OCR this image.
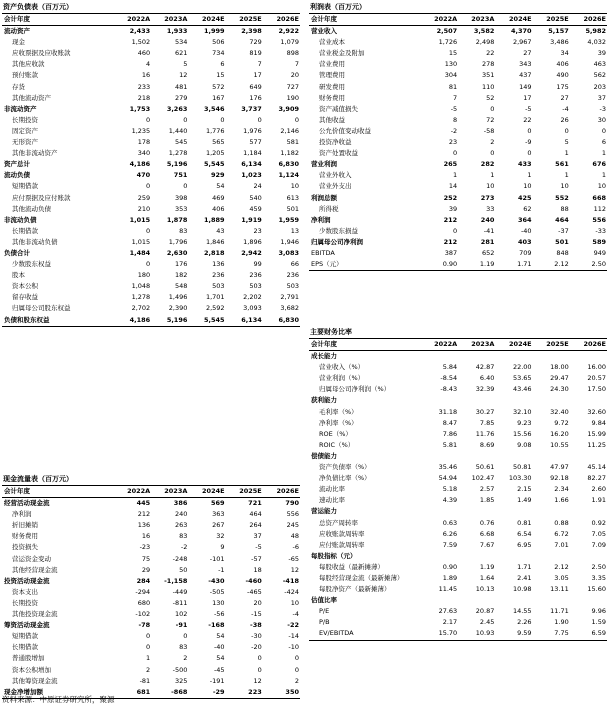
资产负债表（百万元）
会计年度	2022A	2023A	2024E	2025E	2026E
流动资产	2,433	1,933	1,999	2,398	2,922
现金	1,502	534	506	729	1,079
应收票据及应收账款	460	621	734	819	898
其他应收款	4	5	6	7	7
预付账款	16	12	15	17	20
存货	233	481	572	649	727
其他流动资产	218	279	167	176	190
非流动资产	1,753	3,263	3,546	3,737	3,909
长期投资	0	0	0	0	0
固定资产	1,235	1,440	1,776	1,976	2,146
无形资产	178	545	565	577	581
其他非流动资产	340	1,278	1,205	1,184	1,182
资产总计	4,186	5,196	5,545	6,134	6,830
流动负债	470	751	929	1,023	1,124
短期借款	0	0	54	24	10
应付票据及应付账款	259	398	469	540	613
其他流动负债	210	353	406	459	501
非流动负债	1,015	1,878	1,889	1,919	1,959
长期借款	0	83	43	23	13
其他非流动负债	1,015	1,796	1,846	1,896	1,946
负债合计	1,484	2,630	2,818	2,942	3,083
少数股东权益	0	176	136	99	66
股本	180	182	236	236	236
资本公积	1,048	548	503	503	503
留存收益	1,278	1,496	1,701	2,202	2,791
归属母公司股东权益	2,702	2,390	2,592	3,093	3,682
负债和股东权益	4,186	5,196	5,545	6,134	6,830
利润表（百万元）
会计年度	2022A	2023A	2024E	2025E	2026E
营业收入	2,507	3,582	4,370	5,157	5,982
营业成本	1,726	2,498	2,967	3,486	4,032
营业税金及附加	15	22	27	34	39
营业费用	130	278	343	406	463
管理费用	304	351	437	490	562
研发费用	81	110	149	175	203
财务费用	7	52	17	27	37
资产减值损失	-5	0	-5	-4	-3
其他收益	8	72	22	26	30
公允价值变动收益	-2	-58	0	0	0
投资净收益	23	2	-9	5	6
资产处置收益	0	0	0	1	1
营业利润	265	282	433	561	676
营业外收入	1	1	1	1	1
营业外支出	14	10	10	10	10
利润总额	252	273	425	552	668
所得税	39	33	62	88	112
净利润	212	240	364	464	556
少数股东损益	0	-41	-40	-37	-33
归属母公司净利润	212	281	403	501	589
EBITDA	387	652	709	848	949
EPS（元）	0.90	1.19	1.71	2.12	2.50
主要财务比率
会计年度	2022A	2023A	2024E	2025E	2026E
成长能力					
营业收入（%）	5.84	42.87	22.00	18.00	16.00
营业利润（%）	-8.54	6.40	53.65	29.47	20.57
归属母公司净利润（%）	-8.43	32.39	43.46	24.30	17.50
获利能力					
毛利率（%）	31.18	30.27	32.10	32.40	32.60
净利率（%）	8.47	7.85	9.23	9.72	9.84
ROE（%）	7.86	11.76	15.56	16.20	15.99
ROIC（%）	5.81	8.69	9.08	10.55	11.25
偿债能力					
资产负债率（%）	35.46	50.61	50.81	47.97	45.14
净负债比率（%）	54.94	102.47	103.30	92.18	82.27
流动比率	5.18	2.57	2.15	2.34	2.60
速动比率	4.39	1.85	1.49	1.66	1.91
营运能力					
总资产周转率	0.63	0.76	0.81	0.88	0.92
应收账款周转率	6.26	6.68	6.54	6.72	7.05
应付账款周转率	7.59	7.67	6.95	7.01	7.09
每股指标（元）					
每股收益（最新摊薄）	0.90	1.19	1.71	2.12	2.50
每股经营现金流（最新摊薄）	1.89	1.64	2.41	3.05	3.35
每股净资产（最新摊薄）	11.45	10.13	10.98	13.11	15.60
估值比率					
P/E	27.63	20.87	14.55	11.71	9.96
P/B	2.17	2.45	2.26	1.90	1.59
EV/EBITDA	15.70	10.93	9.59	7.75	6.59
现金流量表（百万元）
会计年度	2022A	2023A	2024E	2025E	2026E
经营活动现金流	445	386	569	721	790
净利润	212	240	363	464	556
折旧摊销	136	263	267	264	245
财务费用	16	83	32	37	48
投资损失	-23	-2	9	-5	-6
营运资金变动	75	-248	-101	-57	-65
其他经营现金流	29	50	-1	18	12
投资活动现金流	284	-1,158	-430	-460	-418
资本支出	-294	-449	-505	-465	-424
长期投资	680	-811	130	20	10
其他投资现金流	-102	102	-56	-15	-4
筹资活动现金流	-78	-91	-168	-38	-22
短期借款	0	0	54	-30	-14
长期借款	0	83	-40	-20	-10
普通股增加	1	2	54	0	0
资本公积增加	2	-500	-45	0	0
其他筹资现金流	-81	325	-191	12	2
现金净增加额	681	-868	-29	223	350
资料来源：中原证券研究所，聚源
